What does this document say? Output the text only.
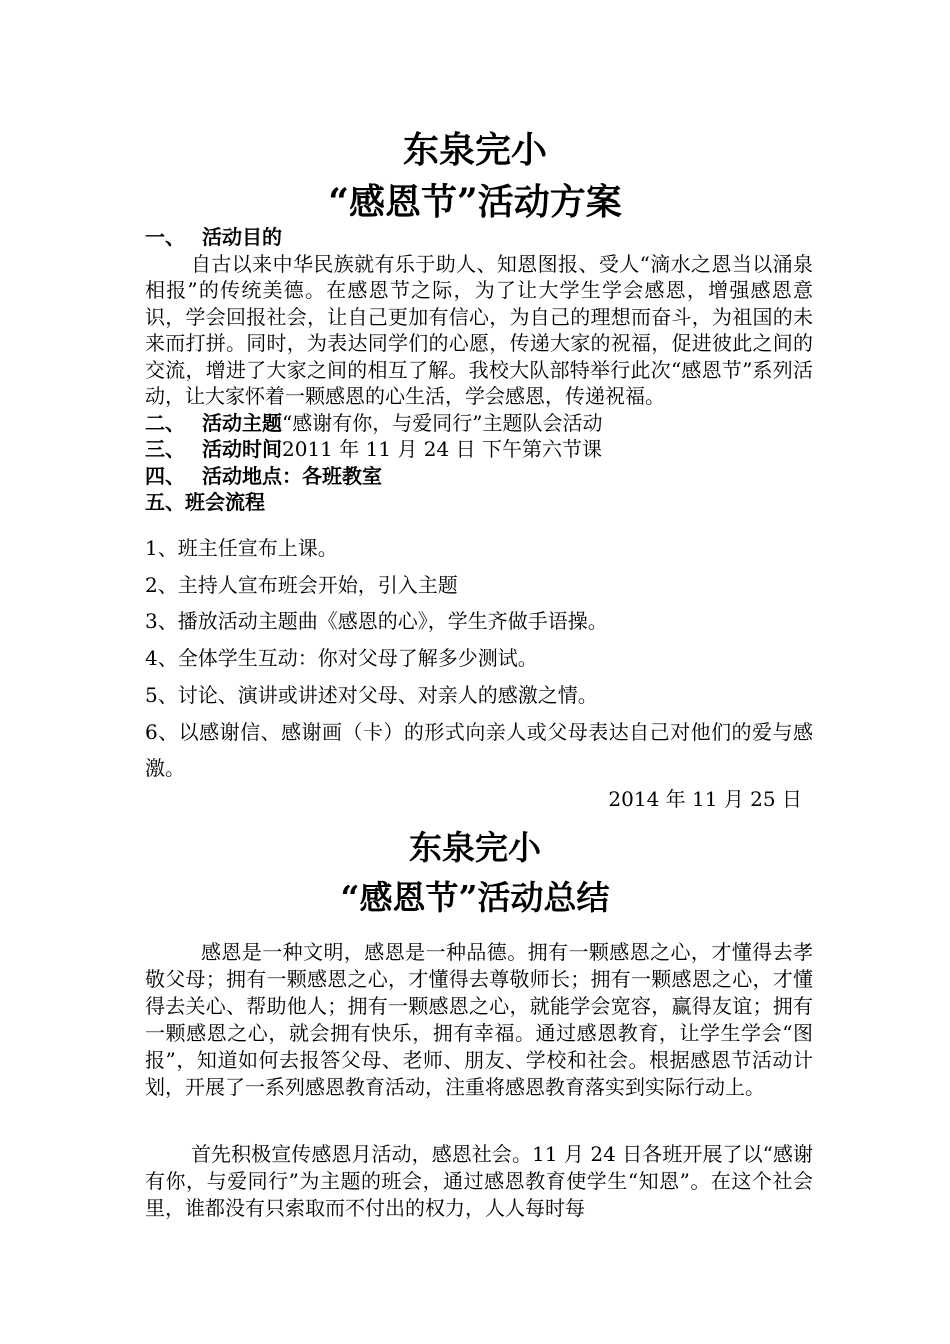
东泉完小
“感恩节”活动方案
一、 活动目的
自古以来中华民族就有乐于助人、知恩图报、受人“滴水之恩当以涌泉相报”的传统美德。在感恩节之际，为了让大学生学会感恩，增强感恩意识，学会回报社会，让自己更加有信心，为自己的理想而奋斗，为祖国的未来而打拼。同时，为表达同学们的心愿，传递大家的祝福，促进彼此之间的交流，增进了大家之间的相互了解。我校大队部特举行此次“感恩节”系列活动，让大家怀着一颗感恩的心生活，学会感恩，传递祝福。
二、 活动主题“感谢有你，与爱同行”主题队会活动
三、 活动时间2011 年 11 月 24 日 下午第六节课
四、 活动地点：各班教室
五、班会流程
1、班主任宣布上课。
2、主持人宣布班会开始，引入主题
3、播放活动主题曲《感恩的心》，学生齐做手语操。
4、全体学生互动：你对父母了解多少测试。
5、讨论、演讲或讲述对父母、对亲人的感激之情。
6、以感谢信、感谢画（卡）的形式向亲人或父母表达自己对他们的爱与感激。
2014 年 11 月 25 日
东泉完小
“感恩节”活动总结
感恩是一种文明，感恩是一种品德。拥有一颗感恩之心，才懂得去孝敬父母；拥有一颗感恩之心，才懂得去尊敬师长；拥有一颗感恩之心，才懂得去关心、帮助他人；拥有一颗感恩之心，就能学会宽容，赢得友谊；拥有一颗感恩之心，就会拥有快乐，拥有幸福。通过感恩教育，让学生学会“图报”，知道如何去报答父母、老师、朋友、学校和社会。根据感恩节活动计划，开展了一系列感恩教育活动，注重将感恩教育落实到实际行动上。
首先积极宣传感恩月活动，感恩社会。11 月 24 日各班开展了以“感谢有你，与爱同行”为主题的班会，通过感恩教育使学生“知恩”。在这个社会里，谁都没有只索取而不付出的权力，人人每时每
